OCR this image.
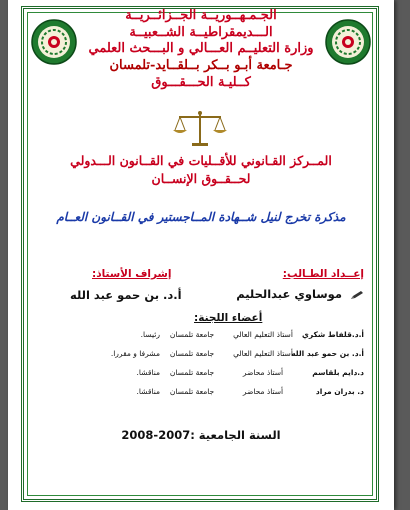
الجـمـهــوريــة الجــزائــريــة
الـــديمقراطيــة الشــعبيــة
وزارة التعليــم العـــالي و البـــحث العلمي
جـامعة أبـو بــكر بــلقــايد-تلمسان
كــليـة الحـــقـــوق
المــركز القـانوني للأقــليات في القــانون الـــدولي
لحــقــوق الإنســان
مذكرة تخرج لنيل شــهادة المــاجستير في القــانون العــام
إعــداد الطـالب:
إشراف الأستاذ:
موساوي عبدالحليم
أ.د. بن حمو عبد الله
أعضاء اللجنة:
أ.د.قلفاط شكري
أستاذ التعليم العالي
جامعة تلمسان
رئيسا.
أ.د. بن حمو عبد الله
أستاذ التعليم العالي
جامعة تلمسان
مشرفا و مقررا.
د.دايم بلقاسم
أستاذ محاضر
جامعة تلمسان
مناقشا.
د. بدران مراد
أستاذ محاضر
جامعة تلمسان
مناقشا.
السنة الجامعية :2007-2008
